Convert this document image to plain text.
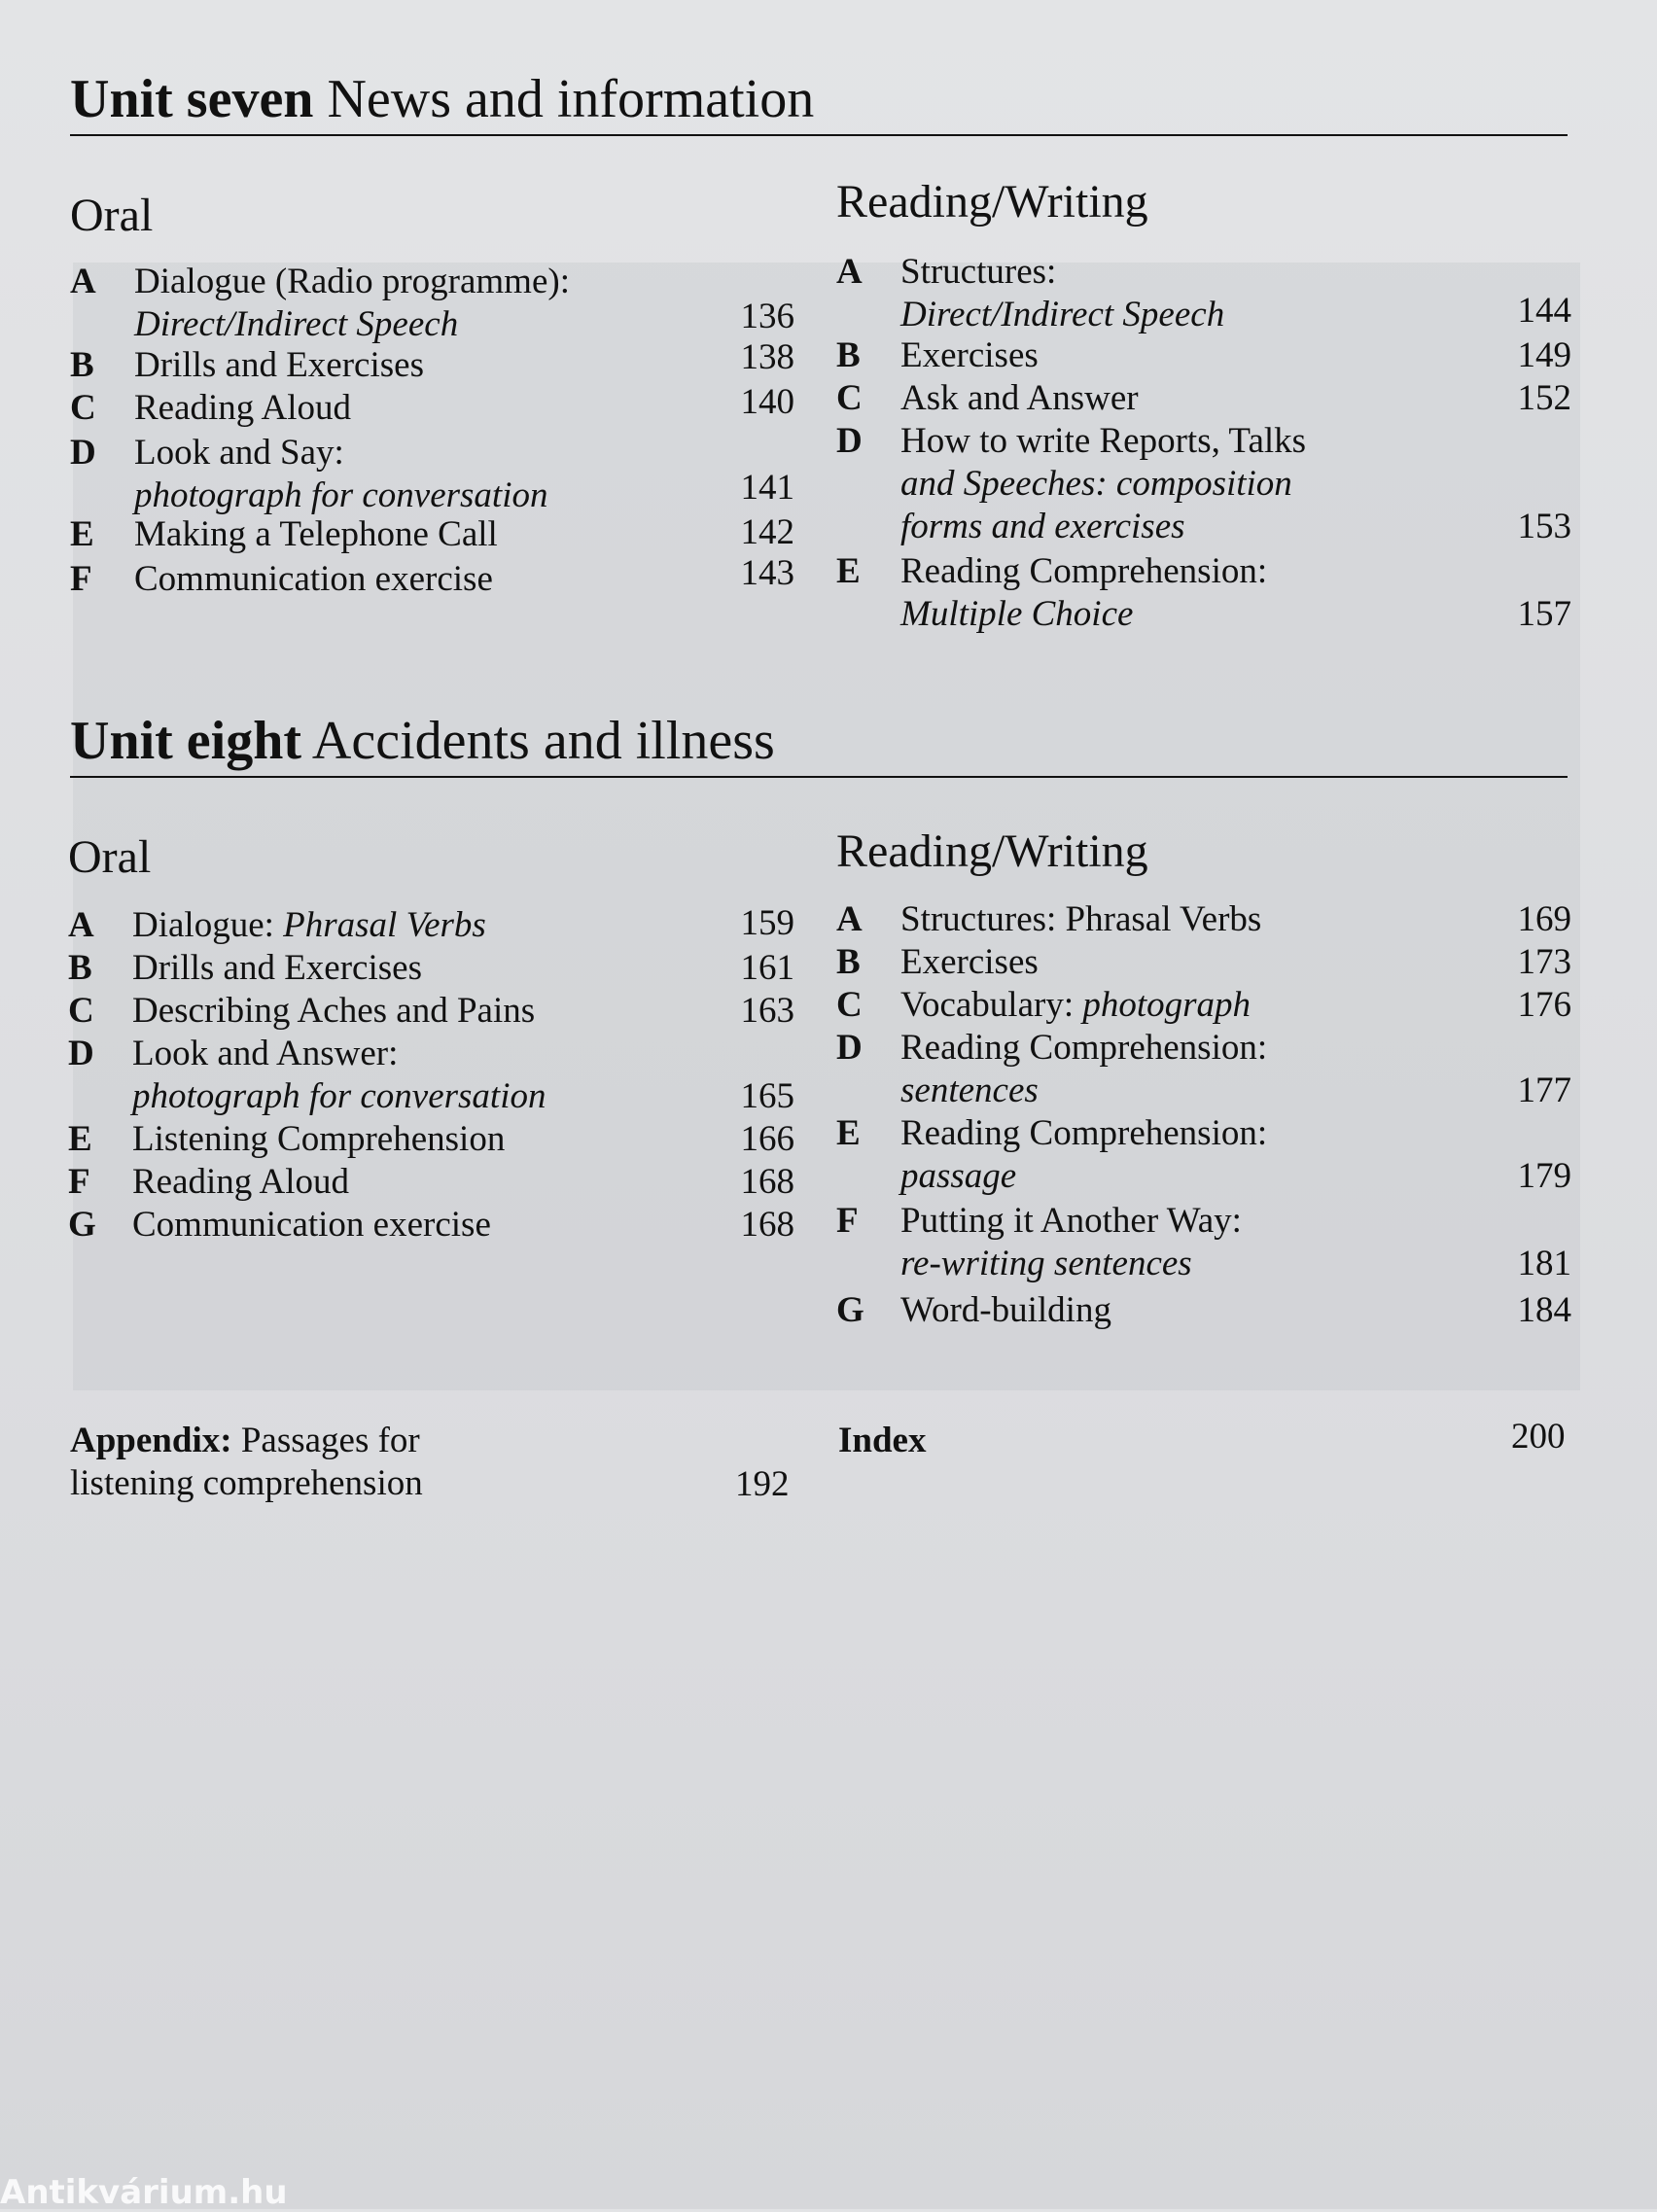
Unit seven News and information
Oral	Reading/Writing
A	Dialogue (Radio programme):
Direct/Indirect Speech	136
B	Drills and Exercises	138
C	Reading Aloud	140
D	Look and Say:
photograph for conversation	141
E	Making a Telephone Call	142
F	Communication exercise	143
A	Structures:
Direct/Indirect Speech	144
B	Exercises	149
C	Ask and Answer	152
D	How to write Reports, Talks
and Speeches: composition
forms and exercises	153
E	Reading Comprehension:
Multiple Choice	157
Unit eight Accidents and illness
Oral	Reading/Writing
A	Dialogue: Phrasal Verbs	159
B	Drills and Exercises	161
C	Describing Aches and Pains	163
D	Look and Answer:
photograph for conversation	165
E	Listening Comprehension	166
F	Reading Aloud	168
G	Communication exercise	168
A	Structures: Phrasal Verbs	169
B	Exercises	173
C	Vocabulary: photograph	176
D	Reading Comprehension:
sentences	177
E	Reading Comprehension:
passage	179
F	Putting it Another Way:
re-writing sentences	181
G	Word-building	184
Appendix: Passages for
listening comprehension	192
Index	200
Antikvárium.hu
